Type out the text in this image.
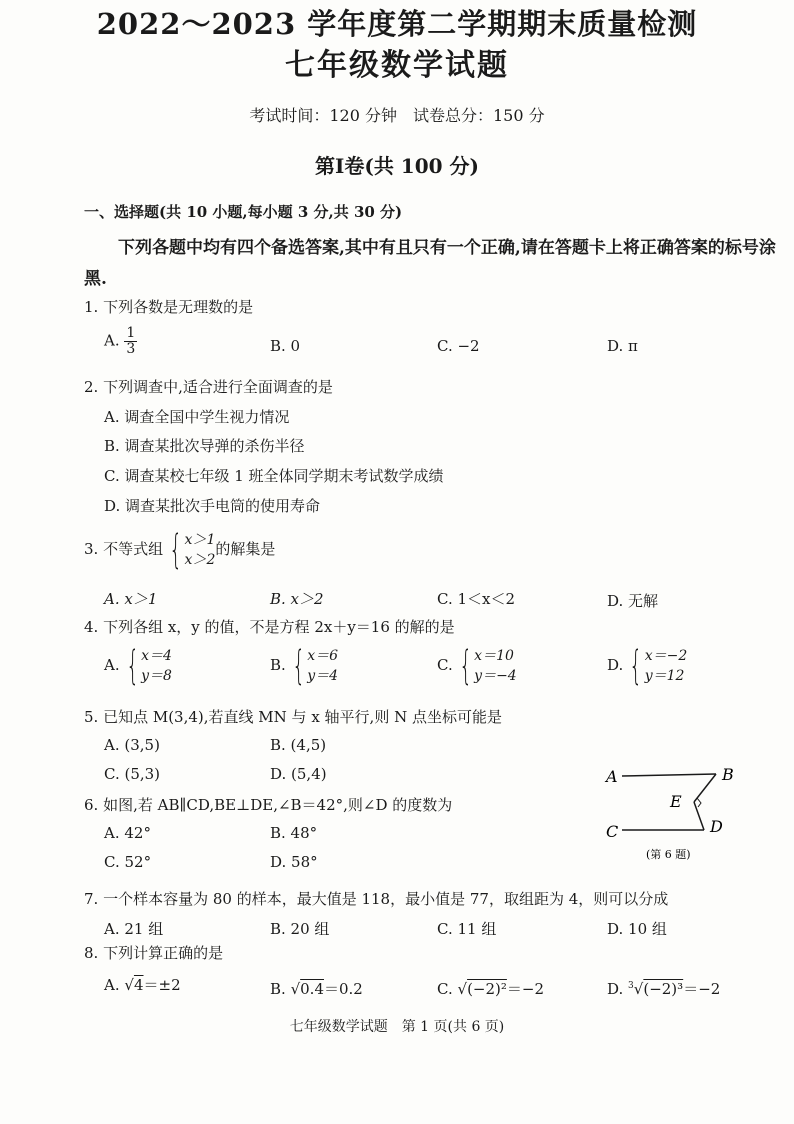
2022～2023 学年度第二学期期末质量检测
七年级数学试题
考试时间：120 分钟　试卷总分：150 分
第Ⅰ卷(共 100 分)
一、选择题(共 10 小题,每小题 3 分,共 30 分)
下列各题中均有四个备选答案,其中有且只有一个正确,请在答题卡上将正确答案的标号涂
黑.
1. 下列各数是无理数的是
A. $\frac{1}{3}$	B. 0	C. −2	D. π
2. 下列调查中,适合进行全面调查的是
A. 调查全国中学生视力情况
B. 调查某批次导弹的杀伤半径
C. 调查某校七年级 1 班全体同学期末考试数学成绩
D. 调查某批次手电筒的使用寿命
3. 不等式组 { x＞1
x＞2
的解集是
A. x＞1	B. x＞2	C. 1＜x＜2	D. 无解
4. 下列各组 x，y 的值，不是方程 2x＋y＝16 的解的是
A. { x＝4
y＝8
B. { x＝6
y＝4
C. { x＝10
y＝−4
D. { x＝−2
y＝12
5. 已知点 M(3,4),若直线 MN 与 x 轴平行,则 N 点坐标可能是
A. (3,5)	B. (4,5)
C. (5,3)	D. (5,4)
6. 如图,若 AB∥CD,BE⊥DE,∠B＝42°,则∠D 的度数为
A. 42°	B. 48°
C. 52°	D. 58°
A	B
E
C	D
(第 6 题)
7. 一个样本容量为 80 的样本，最大值是 118，最小值是 77，取组距为 4，则可以分成
A. 21 组	B. 20 组	C. 11 组	D. 10 组
8. 下列计算正确的是
A. √4＝±2	B. √0.4＝0.2	C. √(−2)²＝−2	D. $^3$√(−2)³＝−2
七年级数学试题　第 1 页(共 6 页)
